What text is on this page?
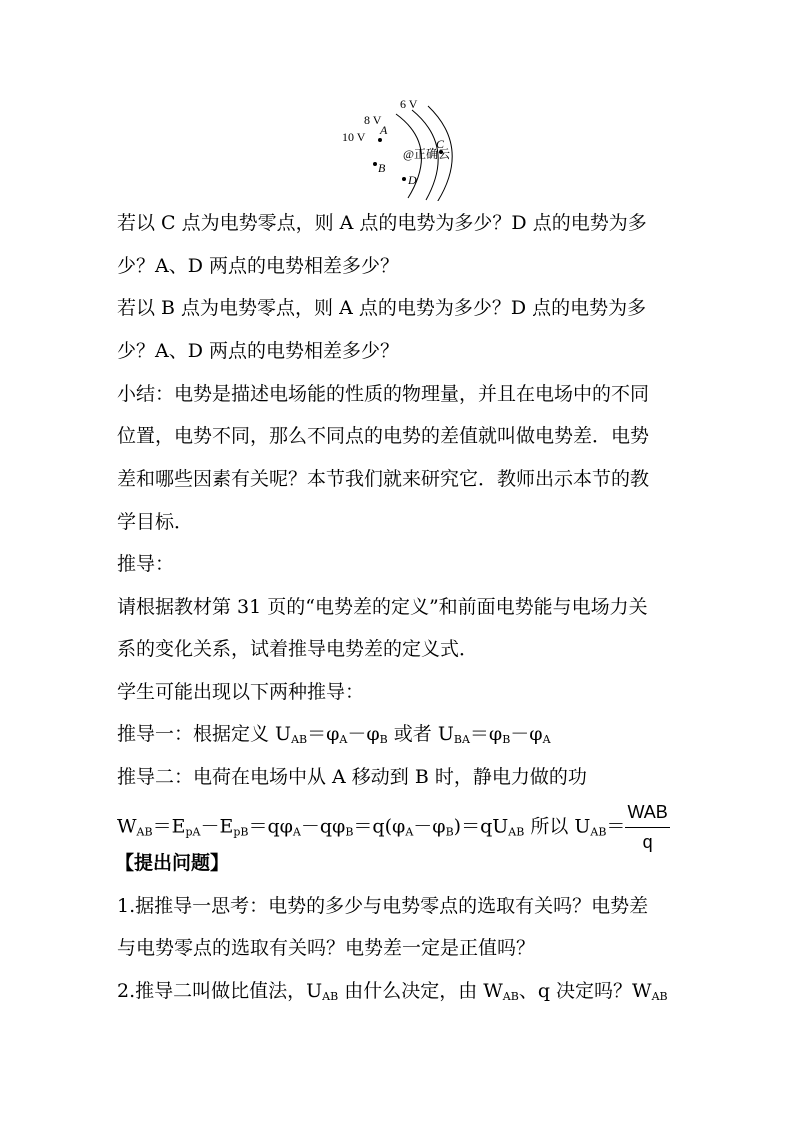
6 V
8 V
10 V A
B
C
D
@正确云
若以 C 点为电势零点，则 A 点的电势为多少？D 点的电势为多
少？A、D 两点的电势相差多少？
若以 B 点为电势零点，则 A 点的电势为多少？D 点的电势为多
少？A、D 两点的电势相差多少？
小结：电势是描述电场能的性质的物理量，并且在电场中的不同
位置，电势不同，那么不同点的电势的差值就叫做电势差．电势
差和哪些因素有关呢？本节我们就来研究它．教师出示本节的教
学目标．
推导：
请根据教材第 31 页的“电势差的定义”和前面电势能与电场力关
系的变化关系，试着推导电势差的定义式．
学生可能出现以下两种推导：
推导一：根据定义 $U_{AB}=\varphi_A-\varphi_B$ 或者 $U_{BA}=\varphi_B-\varphi_A$
推导二：电荷在电场中从 A 移动到 B 时，静电力做的功
$W_{AB}=E_{pA}-E_{pB}=q\varphi_A-q\varphi_B=q(\varphi_A-\varphi_B)=qU_{AB}$ 所以 $U_{AB}= \frac{\text{WAB}}{q}$
【提出问题】
1.据推导一思考：电势的多少与电势零点的选取有关吗？电势差
与电势零点的选取有关吗？电势差一定是正值吗？
2.推导二叫做比值法，$U_{AB}$ 由什么决定，由 $W_{AB}$、q 决定吗？$W_{AB}$
